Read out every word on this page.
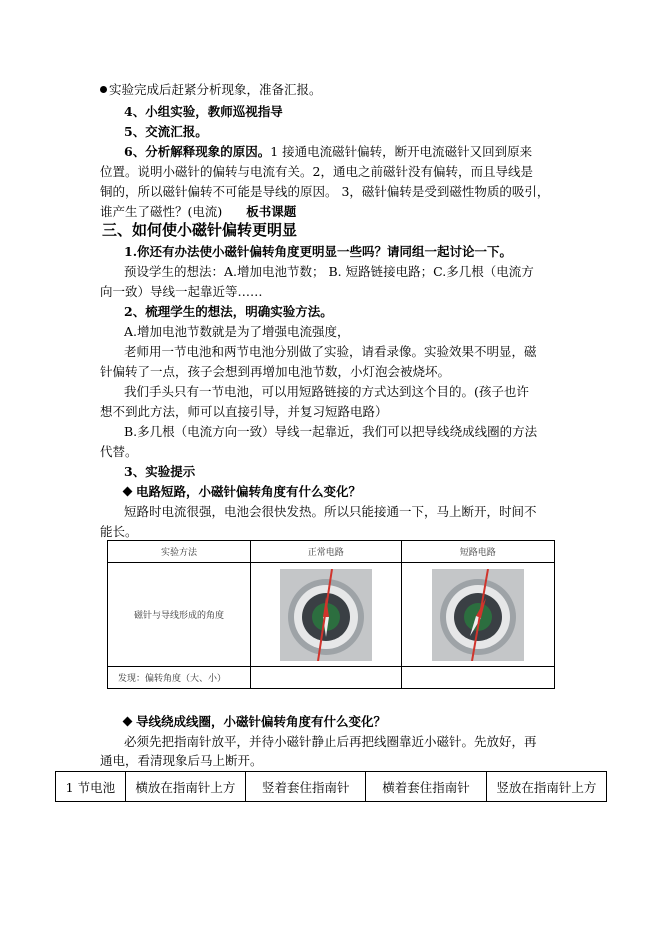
实验完成后赶紧分析现象，准备汇报。
4、小组实验，教师巡视指导
5、交流汇报。
6、分析解释现象的原因。1 接通电流磁针偏转，断开电流磁针又回到原来
位置。说明小磁针的偏转与电流有关。2，通电之前磁针没有偏转，而且导线是
铜的，所以磁针偏转不可能是导线的原因。 3，磁针偏转是受到磁性物质的吸引，
谁产生了磁性？(电流) 板书课题
三、如何使小磁针偏转更明显
1.你还有办法使小磁针偏转角度更明显一些吗？请同组一起讨论一下。
预设学生的想法：A.增加电池节数； B. 短路链接电路；C.多几根（电流方
向一致）导线一起靠近等……
2、梳理学生的想法，明确实验方法。
A.增加电池节数就是为了增强电流强度，
老师用一节电池和两节电池分别做了实验，请看录像。实验效果不明显，磁
针偏转了一点，孩子会想到再增加电池节数，小灯泡会被烧坏。
我们手头只有一节电池，可以用短路链接的方式达到这个目的。(孩子也许
想不到此方法，师可以直接引导，并复习短路电路）
B.多几根（电流方向一致）导线一起靠近，我们可以把导线绕成线圈的方法
代替。
3、实验提示
电路短路，小磁针偏转角度有什么变化？
短路时电流很强，电池会很快发热。所以只能接通一下，马上断开，时间不
能长。
实验方法	正常电路	短路电路
磁针与导线形成的角度	

发现：偏转角度（大、小）		
导线绕成线圈，小磁针偏转角度有什么变化？
必须先把指南针放平，并待小磁针静止后再把线圈靠近小磁针。先放好，再
通电，看清现象后马上断开。
1 节电池	横放在指南针上方	竖着套住指南针	横着套住指南针	竖放在指南针上方
